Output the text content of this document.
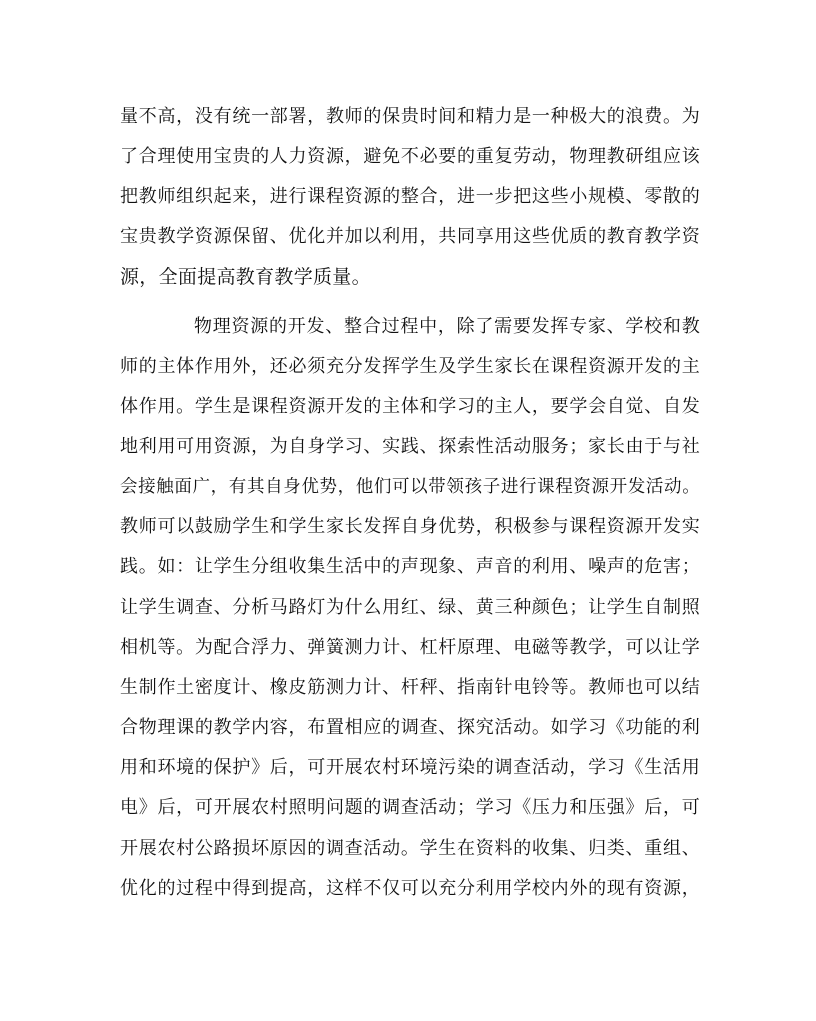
量不高，没有统一部署，教师的保贵时间和精力是一种极大的浪费。为
了合理使用宝贵的人力资源，避免不必要的重复劳动，物理教研组应该
把教师组织起来，进行课程资源的整合，进一步把这些小规模、零散的
宝贵教学资源保留、优化并加以利用，共同享用这些优质的教育教学资
源，全面提高教育教学质量。
物理资源的开发、整合过程中，除了需要发挥专家、学校和教
师的主体作用外，还必须充分发挥学生及学生家长在课程资源开发的主
体作用。学生是课程资源开发的主体和学习的主人，要学会自觉、自发
地利用可用资源，为自身学习、实践、探索性活动服务；家长由于与社
会接触面广，有其自身优势，他们可以带领孩子进行课程资源开发活动。
教师可以鼓励学生和学生家长发挥自身优势，积极参与课程资源开发实
践。如：让学生分组收集生活中的声现象、声音的利用、噪声的危害；
让学生调查、分析马路灯为什么用红、绿、黄三种颜色；让学生自制照
相机等。为配合浮力、弹簧测力计、杠杆原理、电磁等教学，可以让学
生制作土密度计、橡皮筋测力计、杆秤、指南针电铃等。教师也可以结
合物理课的教学内容，布置相应的调查、探究活动。如学习《功能的利
用和环境的保护》后，可开展农村环境污染的调查活动，学习《生活用
电》后，可开展农村照明问题的调查活动；学习《压力和压强》后，可
开展农村公路损坏原因的调查活动。学生在资料的收集、归类、重组、
优化的过程中得到提高，这样不仅可以充分利用学校内外的现有资源，
